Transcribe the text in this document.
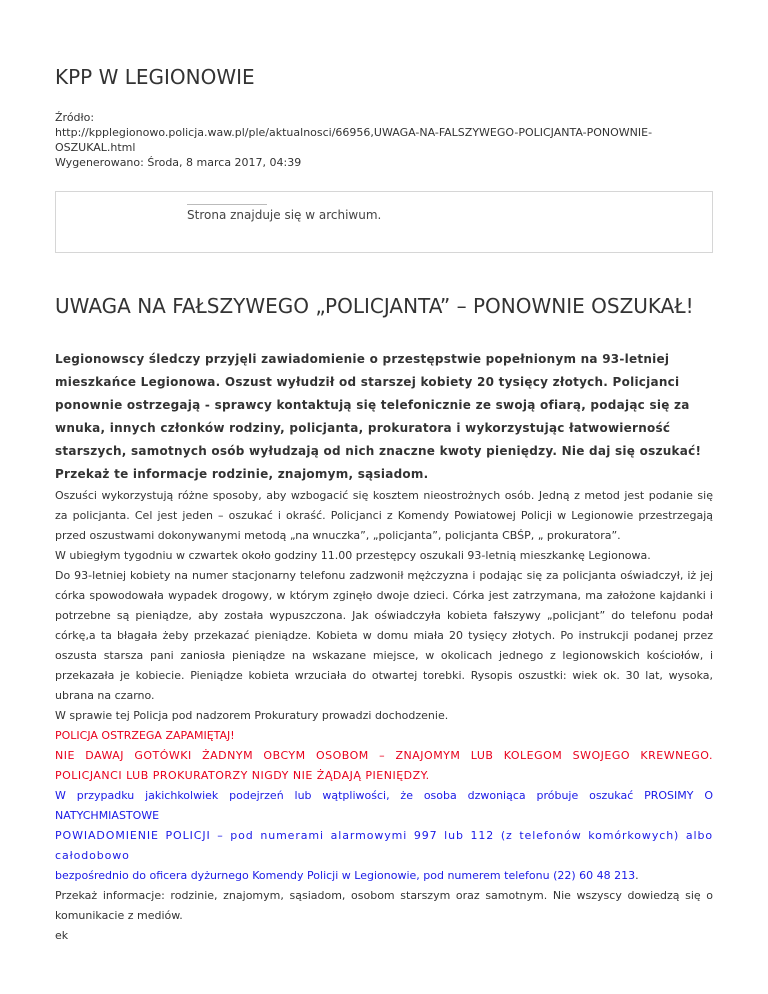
KPP W LEGIONOWIE
Źródło:
http://kpplegionowo.policja.waw.pl/ple/aktualnosci/66956,UWAGA-NA-FALSZYWEGO-POLICJANTA-PONOWNIE-OSZUKAL.html
Wygenerowano: Środa, 8 marca 2017, 04:39
Strona znajduje się w archiwum.
UWAGA NA FAŁSZYWEGO „POLICJANTA” – PONOWNIE OSZUKAŁ!
Legionowscy śledczy przyjęli zawiadomienie o przestępstwie popełnionym na 93-letniej mieszkańce Legionowa. Oszust wyłudził od starszej kobiety 20 tysięcy złotych. Policjanci ponownie ostrzegają - sprawcy kontaktują się telefonicznie ze swoją ofiarą, podając się za wnuka, innych członków rodziny, policjanta, prokuratora i wykorzystując łatwowierność starszych, samotnych osób wyłudzają od nich znaczne kwoty pieniędzy. Nie daj się oszukać! Przekaż te informacje rodzinie, znajomym, sąsiadom.

Oszuści wykorzystują różne sposoby, aby wzbogacić się kosztem nieostrożnych osób. Jedną z metod jest podanie się za policjanta. Cel jest jeden – oszukać i okraść. Policjanci z Komendy Powiatowej Policji w Legionowie przestrzegają przed oszustwami dokonywanymi metodą „na wnuczka”, „policjanta”, policjanta CBŚP, „ prokuratora”.

W ubiegłym tygodniu w czwartek około godziny 11.00 przestępcy oszukali 93-letnią mieszkankę Legionowa.

Do 93-letniej kobiety na numer stacjonarny telefonu zadzwonił mężczyzna i podając się za policjanta oświadczył, iż jej córka spowodowała wypadek drogowy, w którym zginęło dwoje dzieci. Córka jest zatrzymana, ma założone kajdanki i potrzebne są pieniądze, aby została wypuszczona. Jak oświadczyła kobieta fałszywy „policjant” do telefonu podał córkę,a ta błagała żeby przekazać pieniądze. Kobieta w domu miała 20 tysięcy złotych. Po instrukcji podanej przez oszusta starsza pani zaniosła pieniądze na wskazane miejsce, w okolicach jednego z legionowskich kościołów, i przekazała je kobiecie. Pieniądze kobieta wrzuciała do otwartej torebki. Rysopis oszustki: wiek ok. 30 lat, wysoka, ubrana na czarno.

W sprawie tej Policja pod nadzorem Prokuratury prowadzi dochodzenie.

POLICJA OSTRZEGA ZAPAMIĘTAJ!

NIE DAWAJ GOTÓWKI ŻADNYM OBCYM OSOBOM – ZNAJOMYM LUB KOLEGOM SWOJEGO KREWNEGO. POLICJANCI LUB PROKURATORZY NIGDY NIE ŻĄDAJĄ PIENIĘDZY.

W przypadku jakichkolwiek podejrzeń lub wątpliwości, że osoba dzwoniąca próbuje oszukać PROSIMY O NATYCHMIASTOWE
POWIADOMIENIE POLICJI – pod numerami alarmowymi 997 lub 112 (z telefonów komórkowych) albo całodobowo
bezpośrednio do oficera dyżurnego Komendy Policji w Legionowie, pod numerem telefonu (22) 60 48 213.

Przekaż informacje: rodzinie, znajomym, sąsiadom, osobom starszym oraz samotnym. Nie wszyscy dowiedzą się o komunikacie z mediów.

ek
